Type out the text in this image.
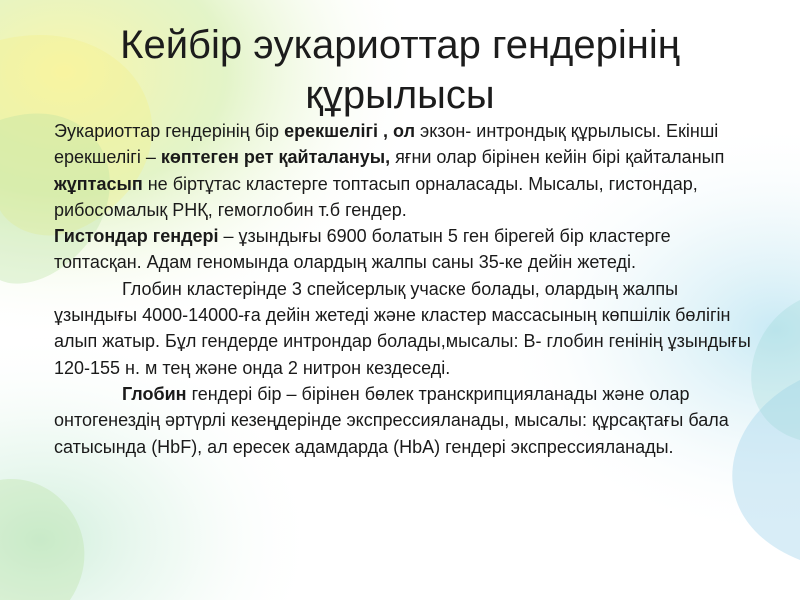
Кейбір эукариоттар гендерінің құрылысы

Эукариоттар гендерінің бір ерекшелігі , ол экзон- интрондық құрылысы. Екінші ерекшелігі – көптеген рет қайталануы, яғни олар бірінен кейін бірі қайталанып жұптасып не біртұтас кластерге топтасып орналасады. Мысалы, гистондар, рибосомалық РНҚ, гемоглобин т.б гендер.

Гистондар гендері – ұзындығы 6900 болатын 5 ген бірегей бір кластерге топтасқан. Адам геномында олардың жалпы саны 35-ке дейін жетеді.

Глобин кластерінде 3 спейсерлық учаске болады, олардың жалпы ұзындығы 4000-14000-ға дейін жетеді және кластер массасының көпшілік бөлігін алып жатыр. Бұл гендерде интрондар болады,мысалы: В- глобин генінің ұзындығы 120-155 н. м тең және онда 2 нитрон кездеседі.

Глобин гендері бір – бірінен бөлек транскрипцияланады және олар онтогенездің әртүрлі кезеңдерінде экспрессияланады, мысалы: құрсақтағы бала сатысында (HbF), ал ересек адамдарда (HbA) гендері экспрессияланады.
